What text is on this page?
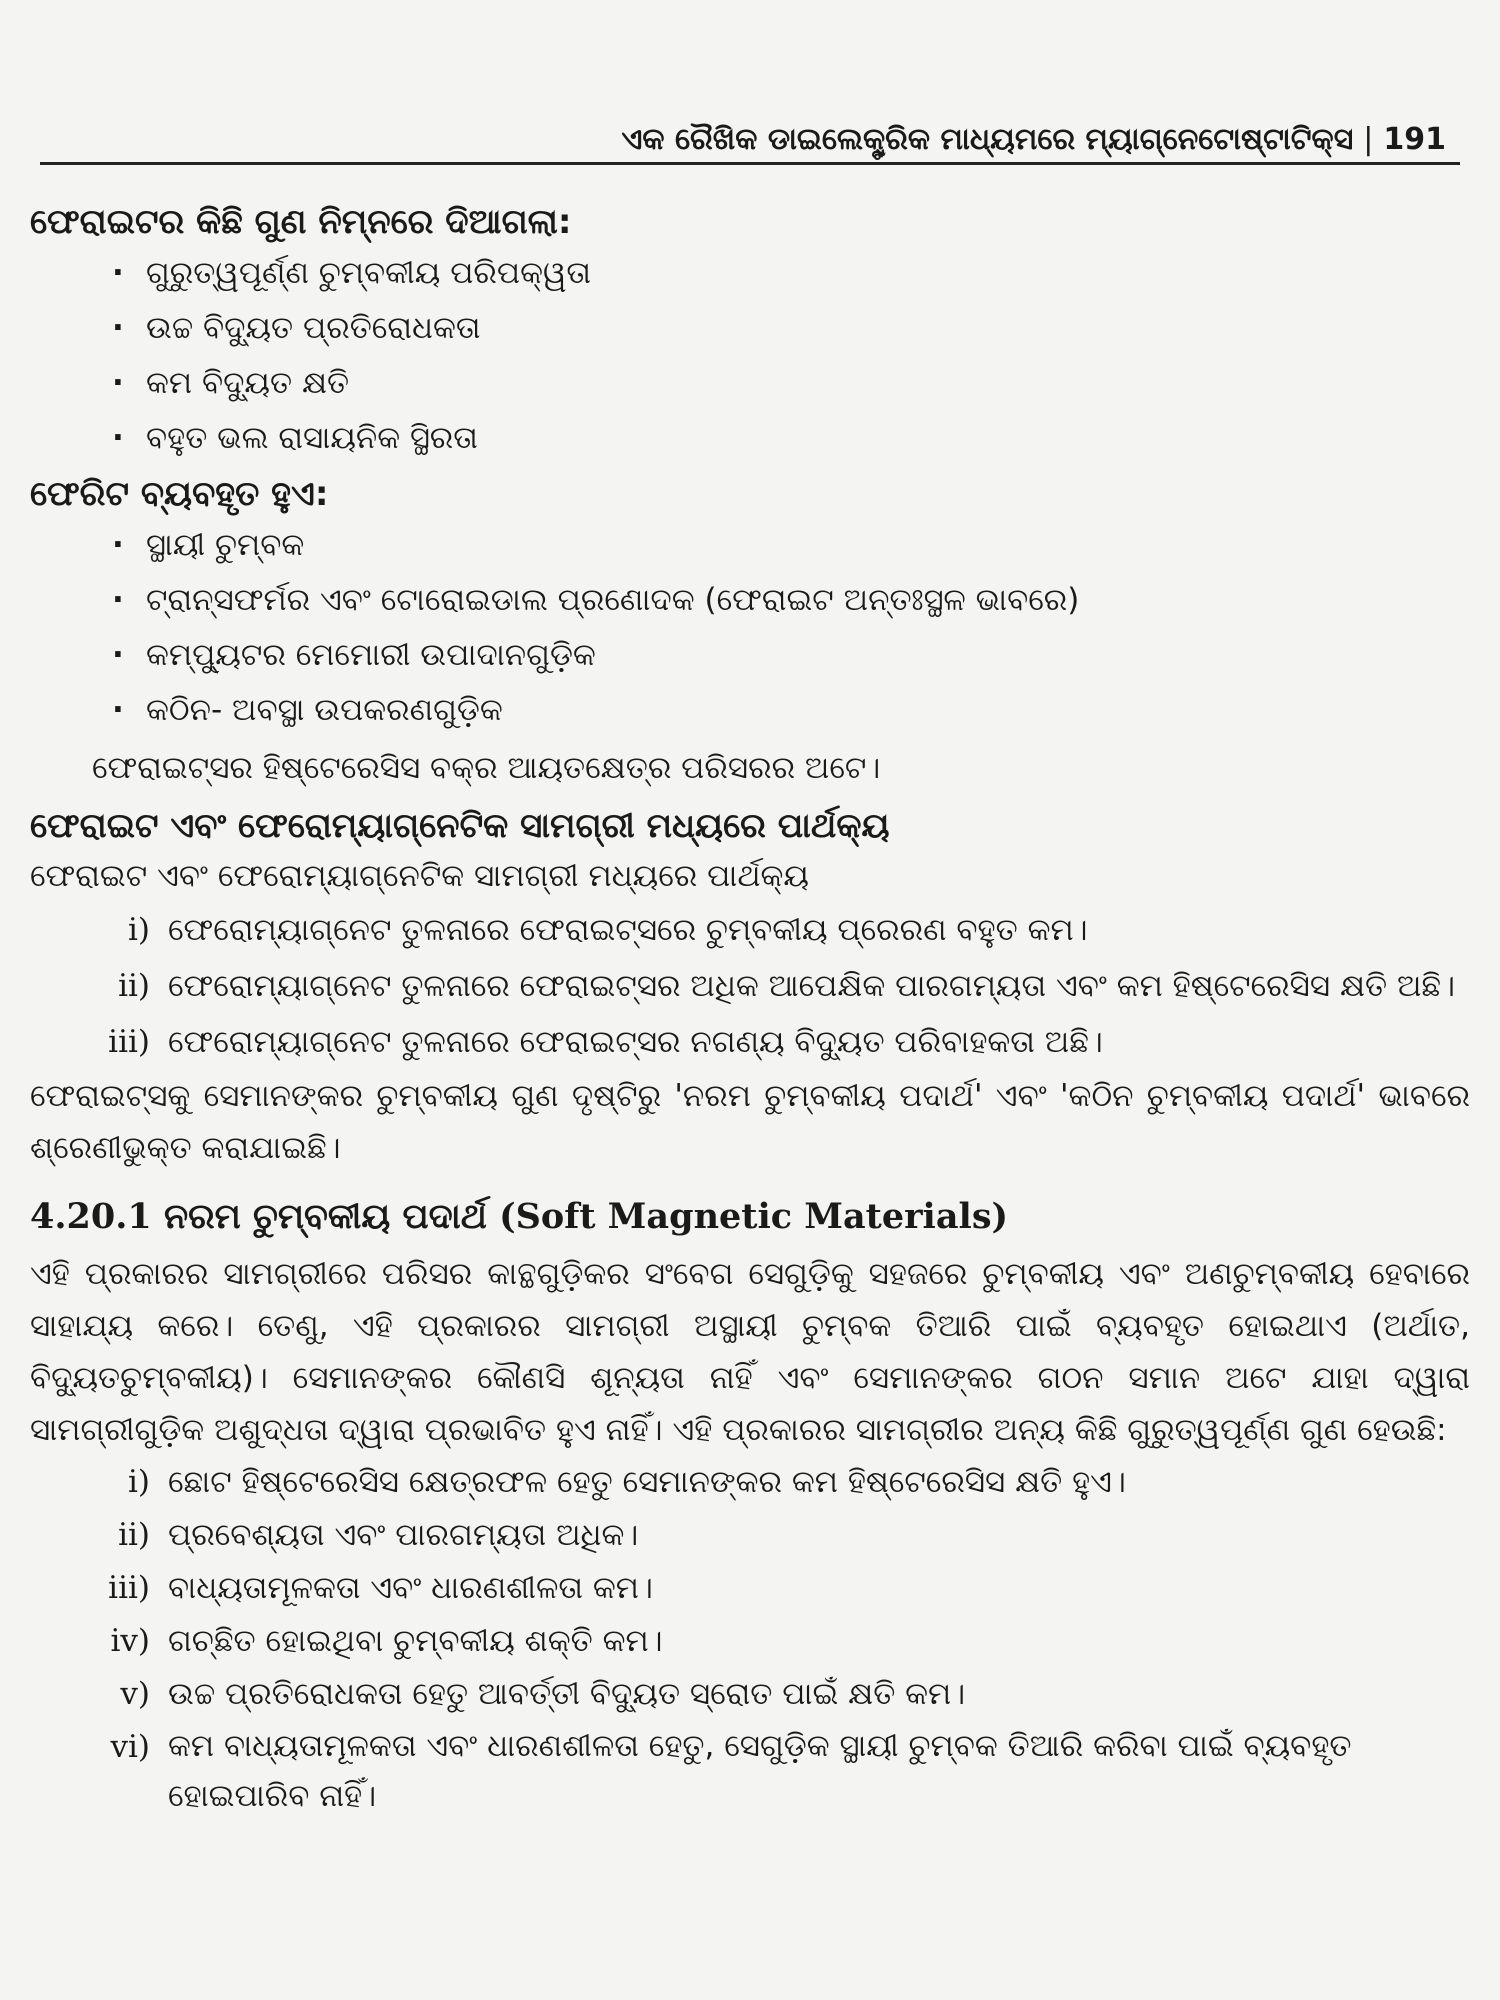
ଏକ ରୈଖିକ ଡାଇଲେକ୍ଟ୍ରିକ ମାଧ୍ୟମରେ ମ୍ୟାଗ୍ନେଟୋଷ୍ଟାଟିକ୍ସ | 191

ଫେରାଇଟର କିଛି ଗୁଣ ନିମ୍ନରେ ଦିଆଗଲା:

· ଗୁରୁତ୍ୱପୂର୍ଣ୍ଣ ଚୁମ୍ବକୀୟ ପରିପକ୍ୱତା
· ଉଚ୍ଚ ବିଦ୍ୟୁତ ପ୍ରତିରୋଧକତା
· କମ ବିଦ୍ୟୁତ କ୍ଷତି
· ବହୁତ ଭଲ ରାସାୟନିକ ସ୍ଥିରତା

ଫେରିଟ ବ୍ୟବହୃତ ହୁଏ:

· ସ୍ଥାୟୀ ଚୁମ୍ବକ
· ଟ୍ରାନ୍ସଫର୍ମର ଏବଂ ଟୋରୋଇଡାଲ ପ୍ରଣୋଦକ (ଫେରାଇଟ ଅନ୍ତଃସ୍ଥଳ ଭାବରେ)
· କମ୍ପ୍ୟୁଟର ମେମୋରୀ ଉପାଦାନଗୁଡ଼ିକ
· କଠିନ- ଅବସ୍ଥା ଉପକରଣଗୁଡ଼ିକ

ଫେରାଇଟ୍ସର ହିଷ୍ଟେରେସିସ ବକ୍ର ଆୟତକ୍ଷେତ୍ର ପରିସରର ଅଟେ।

ଫେରାଇଟ ଏବଂ ଫେରୋମ୍ୟାଗ୍ନେଟିକ ସାମଗ୍ରୀ ମଧ୍ୟରେ ପାର୍ଥକ୍ୟ

ଫେରାଇଟ ଏବଂ ଫେରୋମ୍ୟାଗ୍ନେଟିକ ସାମଗ୍ରୀ ମଧ୍ୟରେ ପାର୍ଥକ୍ୟ

i) ଫେରୋମ୍ୟାଗ୍ନେଟ ତୁଳନାରେ ଫେରାଇଟ୍ସରେ ଚୁମ୍ବକୀୟ ପ୍ରେରଣ ବହୁତ କମ।
ii) ଫେରୋମ୍ୟାଗ୍ନେଟ ତୁଳନାରେ ଫେରାଇଟ୍ସର ଅଧିକ ଆପେକ୍ଷିକ ପାରଗମ୍ୟତା ଏବଂ କମ ହିଷ୍ଟେରେସିସ କ୍ଷତି ଅଛି।
iii) ଫେରୋମ୍ୟାଗ୍ନେଟ ତୁଳନାରେ ଫେରାଇଟ୍ସର ନଗଣ୍ୟ ବିଦ୍ୟୁତ ପରିବାହକତା ଅଛି।

ଫେରାଇଟ୍ସକୁ ସେମାନଙ୍କର ଚୁମ୍ବକୀୟ ଗୁଣ ଦୃଷ୍ଟିରୁ 'ନରମ ଚୁମ୍ବକୀୟ ପଦାର୍ଥ' ଏବଂ 'କଠିନ ଚୁମ୍ବକୀୟ ପଦାର୍ଥ' ଭାବରେ ଶ୍ରେଣୀଭୁକ୍ତ କରାଯାଇଛି।

4.20.1 ନରମ ଚୁମ୍ବକୀୟ ପଦାର୍ଥ (Soft Magnetic Materials)

ଏହି ପ୍ରକାରର ସାମଗ୍ରୀରେ ପରିସର କାନ୍ଥଗୁଡ଼ିକର ସଂବେଗ ସେଗୁଡ଼ିକୁ ସହଜରେ ଚୁମ୍ବକୀୟ ଏବଂ ଅଣଚୁମ୍ବକୀୟ ହେବାରେ ସାହାଯ୍ୟ କରେ। ତେଣୁ, ଏହି ପ୍ରକାରର ସାମଗ୍ରୀ ଅସ୍ଥାୟୀ ଚୁମ୍ବକ ତିଆରି ପାଇଁ ବ୍ୟବହୃତ ହୋଇଥାଏ (ଅର୍ଥାତ, ବିଦ୍ୟୁତଚୁମ୍ବକୀୟ)। ସେମାନଙ୍କର କୌଣସି ଶୂନ୍ୟତା ନାହିଁ ଏବଂ ସେମାନଙ୍କର ଗଠନ ସମାନ ଅଟେ ଯାହା ଦ୍ୱାରା ସାମଗ୍ରୀଗୁଡ଼ିକ ଅଶୁଦ୍ଧତା ଦ୍ୱାରା ପ୍ରଭାବିତ ହୁଏ ନାହିଁ। ଏହି ପ୍ରକାରର ସାମଗ୍ରୀର ଅନ୍ୟ କିଛି ଗୁରୁତ୍ୱପୂର୍ଣ୍ଣ ଗୁଣ ହେଉଛି:

i) ଛୋଟ ହିଷ୍ଟେରେସିସ କ୍ଷେତ୍ରଫଳ ହେତୁ ସେମାନଙ୍କର କମ ହିଷ୍ଟେରେସିସ କ୍ଷତି ହୁଏ।
ii) ପ୍ରବେଶ୍ୟତା ଏବଂ ପାରଗମ୍ୟତା ଅଧିକ।
iii) ବାଧ୍ୟତାମୂଳକତା ଏବଂ ଧାରଣଶୀଳତା କମ।
iv) ଗଚ୍ଛିତ ହୋଇଥିବା ଚୁମ୍ବକୀୟ ଶକ୍ତି କମ।
v) ଉଚ୍ଚ ପ୍ରତିରୋଧକତା ହେତୁ ଆବର୍ତ୍ତୀ ବିଦ୍ୟୁତ ସ୍ରୋତ ପାଇଁ କ୍ଷତି କମ।
vi) କମ ବାଧ୍ୟତାମୂଳକତା ଏବଂ ଧାରଣଶୀଳତା ହେତୁ, ସେଗୁଡ଼ିକ ସ୍ଥାୟୀ ଚୁମ୍ବକ ତିଆରି କରିବା ପାଇଁ ବ୍ୟବହୃତ ହୋଇପାରିବ ନାହିଁ।
